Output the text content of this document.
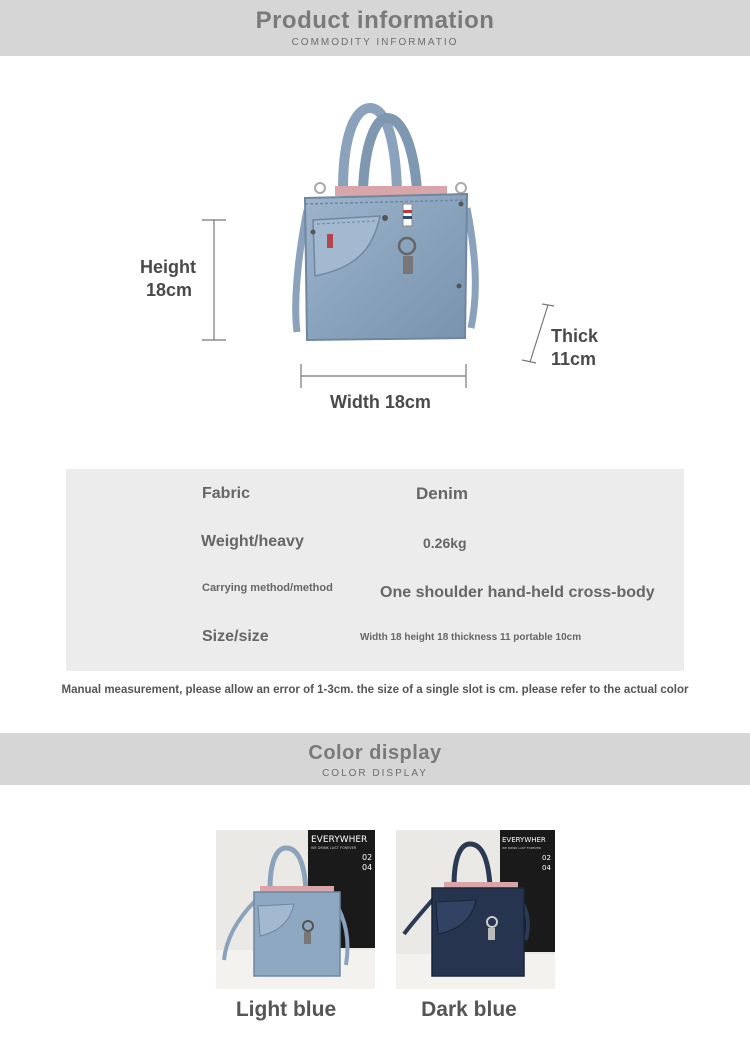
Product information
COMMODITY INFORMATIO
Height
18cm
Thick
11cm
Width 18cm
Fabric	Denim
Weight/heavy	0.26kg
Carrying method/method	One shoulder hand-held cross-body
Size/size	Width 18 height 18 thickness 11 portable 10cm
Manual measurement, please allow an error of 1-3cm. the size of a single slot is cm. please refer to the actual color
Color display
COLOR DISPLAY
EVERYWHER
WE DRINK LAST FOREVER
02
04
Light blue
EVERYWHER
WE DRINK LAST FOREVER
02
04
Dark blue
